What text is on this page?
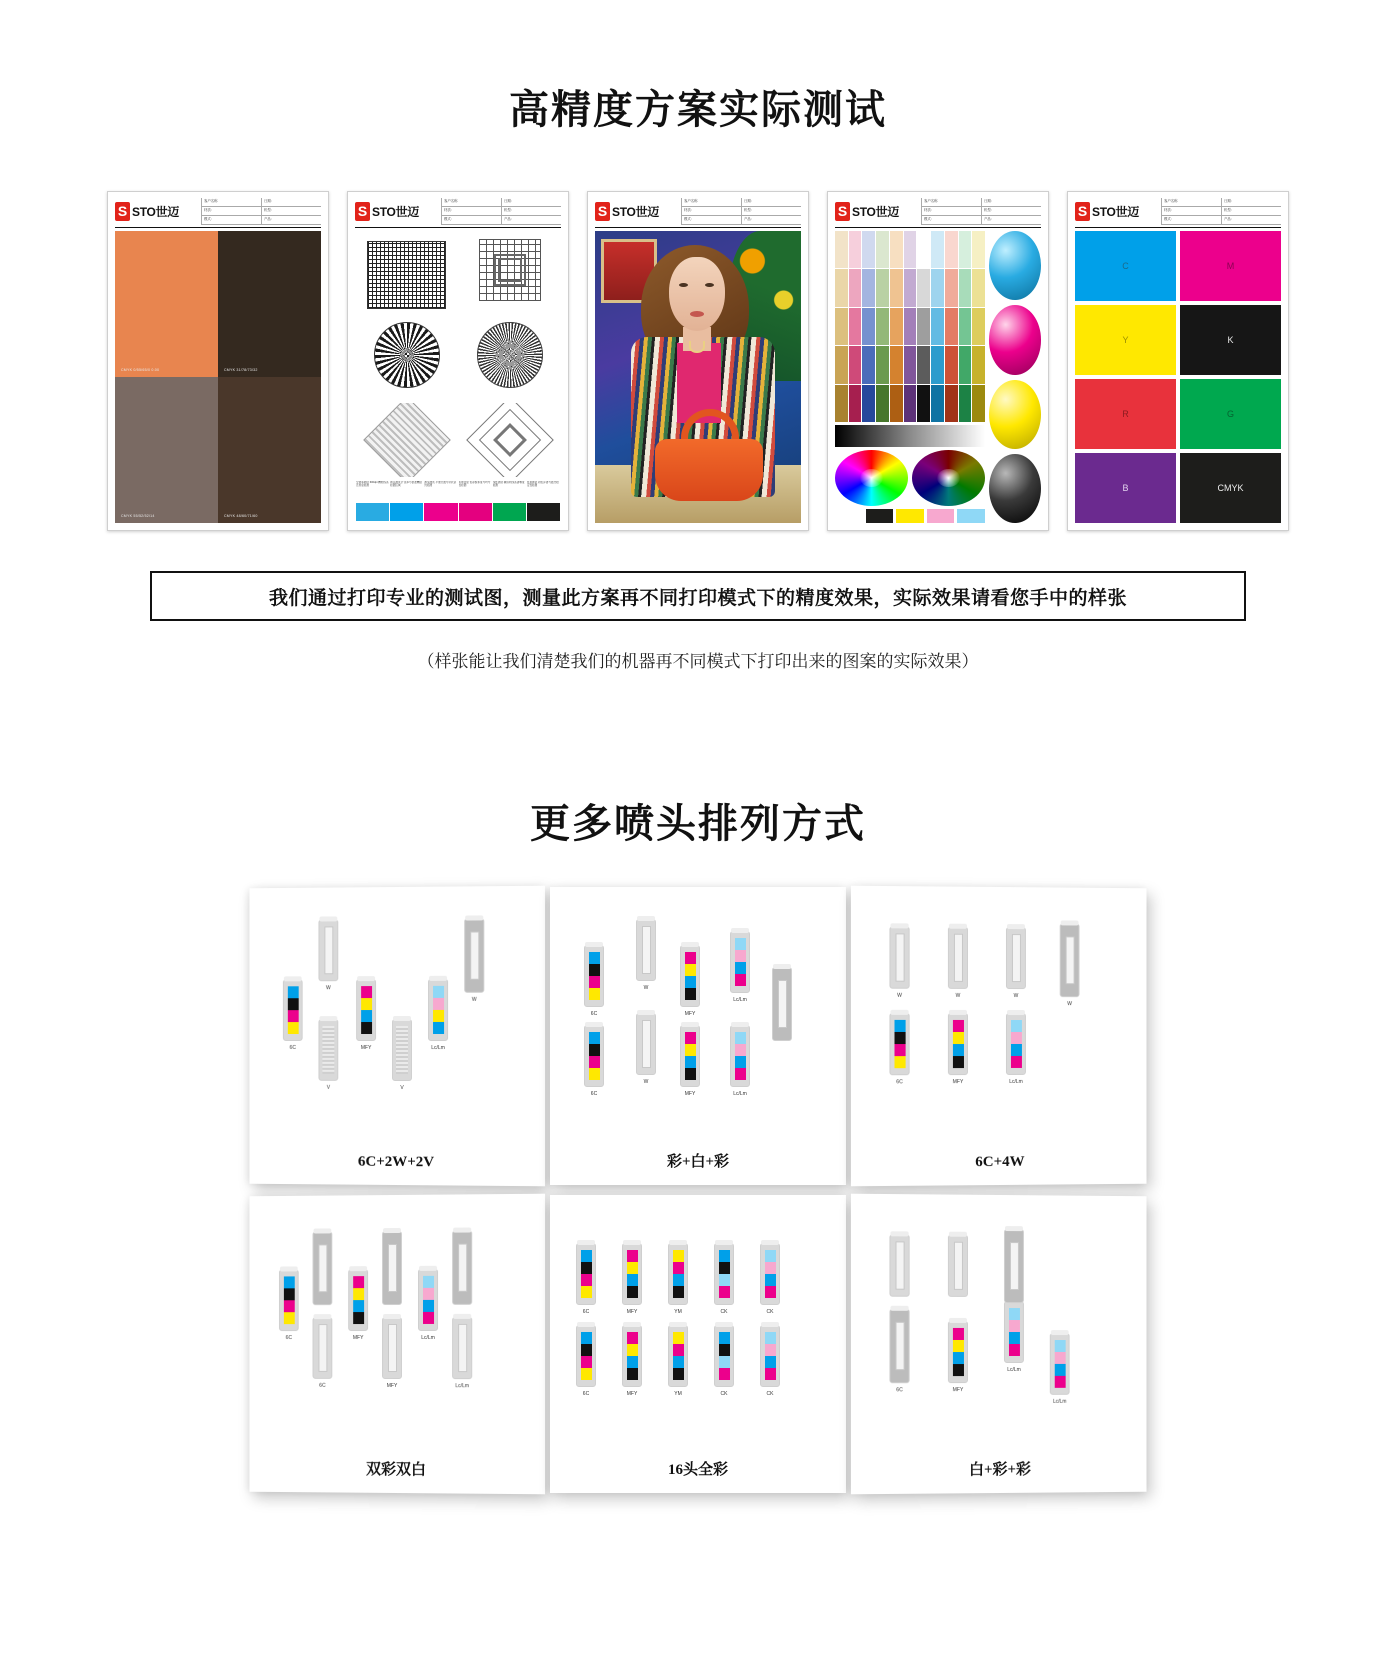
高精度方案实际测试
S STO世迈
客户名称	日期：
材质：	机型：
模式：	产品：
CMYK 0/55/65/0 0.00	CMYK 31/78/73/32
CMYK 55/52/52/14	CMYK 48/60/71/60
S STO世迈
客户名称	日期：
材质：	机型：
模式：	产品：
分辨率测试 600dpi 精细线条还原度检测
网点测试 扩张率与套准精度检测区域
渐变测试 平滑过渡与带状条纹检测
实地密度 色彩饱和度与均匀性检测
线性测试 横纵向线条清晰度检测
色差测试 同色异谱与批次稳定性检测
S STO世迈
客户名称	日期：
材质：	机型：
模式：	产品：
S STO世迈
客户名称	日期：
材质：	机型：
模式：	产品：
S STO世迈
客户名称	日期：
材质：	机型：
模式：	产品：
C	M
Y	K
R	G
B	CMYK
我们通过打印专业的测试图，测量此方案再不同打印模式下的精度效果，实际效果请看您手中的样张
（样张能让我们清楚我们的机器再不同模式下打印出来的图案的实际效果）
更多喷头排列方式
6C
W
V
MFY
V
Lc/Lm
W
6C+2W+2V
6C
6C
W
W
MFY
MFY
Lc/Lm
Lc/Lm
彩+白+彩
W
6C
W
MFY
W
Lc/Lm
W
6C+4W
6C
6C
MFY
MFY
Lc/Lm
Lc/Lm
双彩双白
6C
6C
MFY
MFY
YM
YM
CK
CK
CK
CK
16头全彩
6C	MFY
Lc/Lm
Lc/Lm
白+彩+彩
